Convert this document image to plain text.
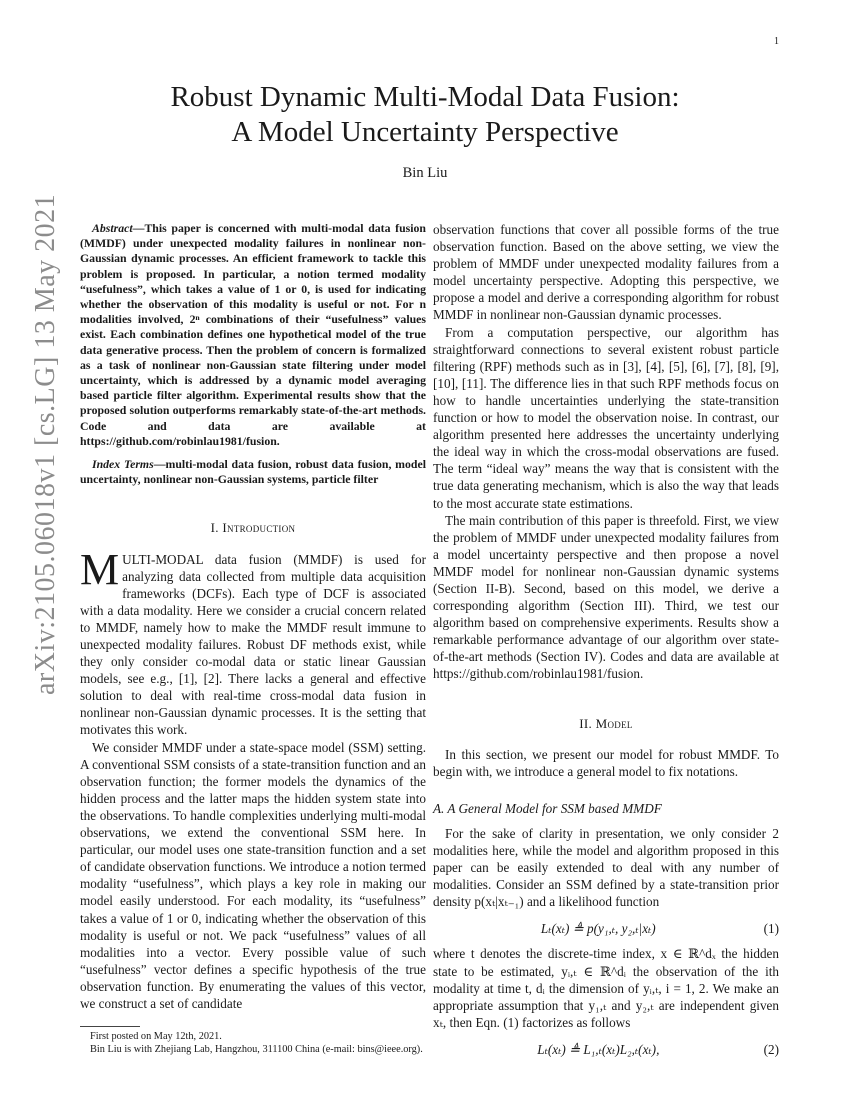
1
arXiv:2105.06018v1 [cs.LG] 13 May 2021
Robust Dynamic Multi-Modal Data Fusion:
A Model Uncertainty Perspective
Bin Liu

Abstract—This paper is concerned with multi-modal data fusion (MMDF) under unexpected modality failures in nonlinear non-Gaussian dynamic processes. An efficient framework to tackle this problem is proposed. In particular, a notion termed modality “usefulness”, which takes a value of 1 or 0, is used for indicating whether the observation of this modality is useful or not. For n modalities involved, 2ⁿ combinations of their “usefulness” values exist. Each combination defines one hypothetical model of the true data generative process. Then the problem of concern is formalized as a task of nonlinear non-Gaussian state filtering under model uncertainty, which is addressed by a dynamic model averaging based particle filter algorithm. Experimental results show that the proposed solution outperforms remarkably state-of-the-art methods. Code and data are available at https://github.com/robinlau1981/fusion.

Index Terms—multi-modal data fusion, robust data fusion, model uncertainty, nonlinear non-Gaussian systems, particle filter

I. Introduction

MULTI-MODAL data fusion (MMDF) is used for analyzing data collected from multiple data acquisition frameworks (DCFs). Each type of DCF is associated with a data modality. Here we consider a crucial concern related to MMDF, namely how to make the MMDF result immune to unexpected modality failures. Robust DF methods exist, while they only consider co-modal data or static linear Gaussian models, see e.g., [1], [2]. There lacks a general and effective solution to deal with real-time cross-modal data fusion in nonlinear non-Gaussian dynamic processes. It is the setting that motivates this work.

We consider MMDF under a state-space model (SSM) setting. A conventional SSM consists of a state-transition function and an observation function; the former models the dynamics of the hidden process and the latter maps the hidden system state into the observations. To handle complexities underlying multi-modal observations, we extend the conventional SSM here. In particular, our model uses one state-transition function and a set of candidate observation functions. We introduce a notion termed modality “usefulness”, which plays a key role in making our model easily understood. For each modality, its “usefulness” takes a value of 1 or 0, indicating whether the observation of this modality is useful or not. We pack “usefulness” values of all modalities into a vector. Every possible value of such “usefulness” vector defines a specific hypothesis of the true observation function. By enumerating the values of this vector, we construct a set of candidate

observation functions that cover all possible forms of the true observation function. Based on the above setting, we view the problem of MMDF under unexpected modality failures from a model uncertainty perspective. Adopting this perspective, we propose a model and derive a corresponding algorithm for robust MMDF in nonlinear non-Gaussian dynamic processes.

From a computation perspective, our algorithm has straightforward connections to several existent robust particle filtering (RPF) methods such as in [3], [4], [5], [6], [7], [8], [9], [10], [11]. The difference lies in that such RPF methods focus on how to handle uncertainties underlying the state-transition function or how to model the observation noise. In contrast, our algorithm presented here addresses the uncertainty underlying the ideal way in which the cross-modal observations are fused. The term “ideal way” means the way that is consistent with the true data generating mechanism, which is also the way that leads to the most accurate state estimations.

The main contribution of this paper is threefold. First, we view the problem of MMDF under unexpected modality failures from a model uncertainty perspective and then propose a novel MMDF model for nonlinear non-Gaussian dynamic systems (Section II-B). Second, based on this model, we derive a corresponding algorithm (Section III). Third, we test our algorithm based on comprehensive experiments. Results show a remarkable performance advantage of our algorithm over state-of-the-art methods (Section IV). Codes and data are available at https://github.com/robinlau1981/fusion.

II. Model

In this section, we present our model for robust MMDF. To begin with, we introduce a general model to fix notations.

A. A General Model for SSM based MMDF

For the sake of clarity in presentation, we only consider 2 modalities here, while the model and algorithm proposed in this paper can be easily extended to deal with any number of modalities. Consider an SSM defined by a state-transition prior density p(xₜ|xₜ₋₁) and a likelihood function

Lₜ(xₜ) ≜ p(y₁,ₜ, y₂,ₜ|xₜ)	(1)

where t denotes the discrete-time index, x ∈ ℝ^dₓ the hidden state to be estimated, yᵢ,ₜ ∈ ℝ^dᵢ the observation of the ith modality at time t, dᵢ the dimension of yᵢ,ₜ, i = 1, 2. We make an appropriate assumption that y₁,ₜ and y₂,ₜ are independent given xₜ, then Eqn. (1) factorizes as follows

Lₜ(xₜ) ≜ L₁,ₜ(xₜ)L₂,ₜ(xₜ),	(2)

First posted on May 12th, 2021.

Bin Liu is with Zhejiang Lab, Hangzhou, 311100 China (e-mail: bins@ieee.org).
